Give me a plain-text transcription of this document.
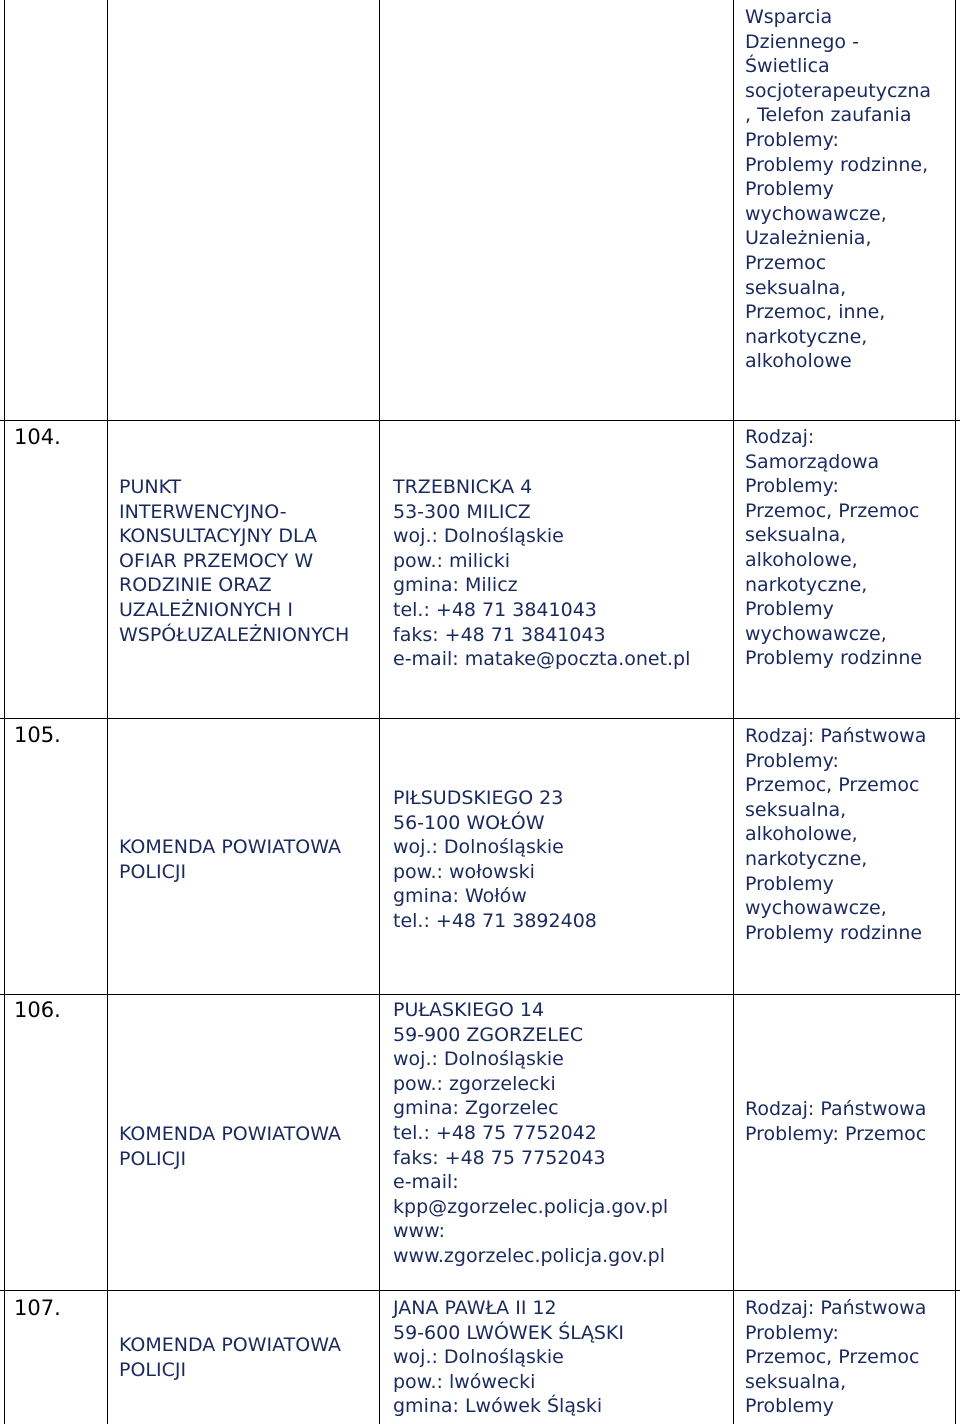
Wsparcia
Dziennego -
Świetlica
socjoterapeutyczna
, Telefon zaufania
Problemy:
Problemy rodzinne,
Problemy
wychowawcze,
Uzależnienia,
Przemoc
seksualna,
Przemoc, inne,
narkotyczne,
alkoholowe
104.
PUNKT
INTERWENCYJNO-
KONSULTACYJNY DLA
OFIAR PRZEMOCY W
RODZINIE ORAZ
UZALEŻNIONYCH I
WSPÓŁUZALEŻNIONYCH
TRZEBNICKA 4
53-300 MILICZ
woj.: Dolnośląskie
pow.: milicki
gmina: Milicz
tel.: +48 71 3841043
faks: +48 71 3841043
e-mail: matake@poczta.onet.pl
Rodzaj:
Samorządowa
Problemy:
Przemoc, Przemoc
seksualna,
alkoholowe,
narkotyczne,
Problemy
wychowawcze,
Problemy rodzinne
105.
KOMENDA POWIATOWA
POLICJI
PIŁSUDSKIEGO 23
56-100 WOŁÓW
woj.: Dolnośląskie
pow.: wołowski
gmina: Wołów
tel.: +48 71 3892408
Rodzaj: Państwowa
Problemy:
Przemoc, Przemoc
seksualna,
alkoholowe,
narkotyczne,
Problemy
wychowawcze,
Problemy rodzinne
106.
KOMENDA POWIATOWA
POLICJI
PUŁASKIEGO 14
59-900 ZGORZELEC
woj.: Dolnośląskie
pow.: zgorzelecki
gmina: Zgorzelec
tel.: +48 75 7752042
faks: +48 75 7752043
e-mail:
kpp@zgorzelec.policja.gov.pl
www:
www.zgorzelec.policja.gov.pl
Rodzaj: Państwowa
Problemy: Przemoc
107.
KOMENDA POWIATOWA
POLICJI
JANA PAWŁA II 12
59-600 LWÓWEK ŚLĄSKI
woj.: Dolnośląskie
pow.: lwówecki
gmina: Lwówek Śląski
Rodzaj: Państwowa
Problemy:
Przemoc, Przemoc
seksualna,
Problemy
